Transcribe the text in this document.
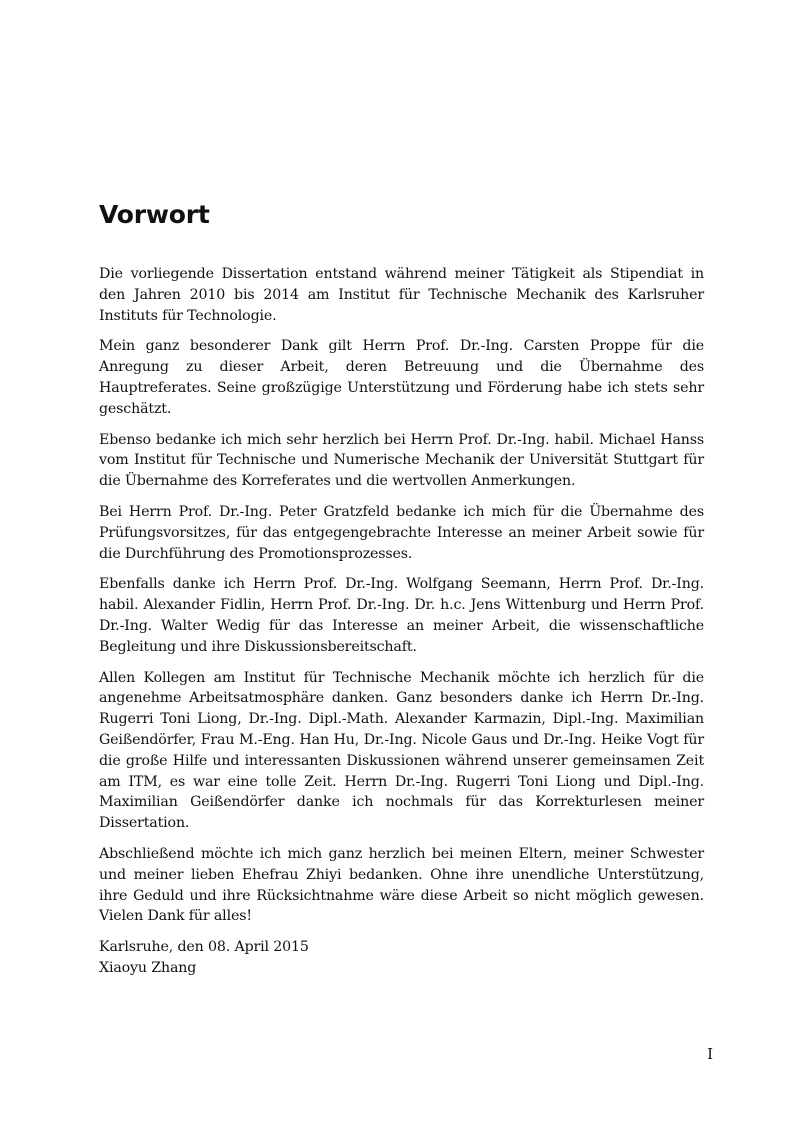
Vorwort

Die vorliegende Dissertation entstand während meiner Tätigkeit als Stipendiat in den Jahren 2010 bis 2014 am Institut für Technische Mechanik des Karlsruher Instituts für Technologie.

Mein ganz besonderer Dank gilt Herrn Prof. Dr.-Ing. Carsten Proppe für die Anregung zu dieser Arbeit, deren Betreuung und die Übernahme des Hauptreferates. Seine großzügige Unterstützung und Förderung habe ich stets sehr geschätzt.

Ebenso bedanke ich mich sehr herzlich bei Herrn Prof. Dr.-Ing. habil. Michael Hanss vom Institut für Technische und Numerische Mechanik der Universität Stuttgart für die Übernahme des Korreferates und die wertvollen Anmerkungen.

Bei Herrn Prof. Dr.-Ing. Peter Gratzfeld bedanke ich mich für die Übernahme des Prüfungsvorsitzes, für das entgegengebrachte Interesse an meiner Arbeit sowie für die Durchführung des Promotionsprozesses.

Ebenfalls danke ich Herrn Prof. Dr.-Ing. Wolfgang Seemann, Herrn Prof. Dr.-Ing. habil. Alexander Fidlin, Herrn Prof. Dr.-Ing. Dr. h.c. Jens Wittenburg und Herrn Prof. Dr.-Ing. Walter Wedig für das Interesse an meiner Arbeit, die wissenschaftliche Begleitung und ihre Diskussionsbereitschaft.

Allen Kollegen am Institut für Technische Mechanik möchte ich herzlich für die angenehme Arbeitsatmosphäre danken. Ganz besonders danke ich Herrn Dr.-Ing. Rugerri Toni Liong, Dr.-Ing. Dipl.-Math. Alexander Karmazin, Dipl.-Ing. Maximilian Geißendörfer, Frau M.-Eng. Han Hu, Dr.-Ing. Nicole Gaus und Dr.-Ing. Heike Vogt für die große Hilfe und interessanten Diskussionen während unserer gemeinsamen Zeit am ITM, es war eine tolle Zeit. Herrn Dr.-Ing. Rugerri Toni Liong und Dipl.-Ing. Maximilian Geißendörfer danke ich nochmals für das Korrekturlesen meiner Dissertation.

Abschließend möchte ich mich ganz herzlich bei meinen Eltern, meiner Schwester und meiner lieben Ehefrau Zhiyi bedanken. Ohne ihre unendliche Unterstützung, ihre Geduld und ihre Rücksichtnahme wäre diese Arbeit so nicht möglich gewesen. Vielen Dank für alles!

Karlsruhe, den 08. April 2015
Xiaoyu Zhang

I
